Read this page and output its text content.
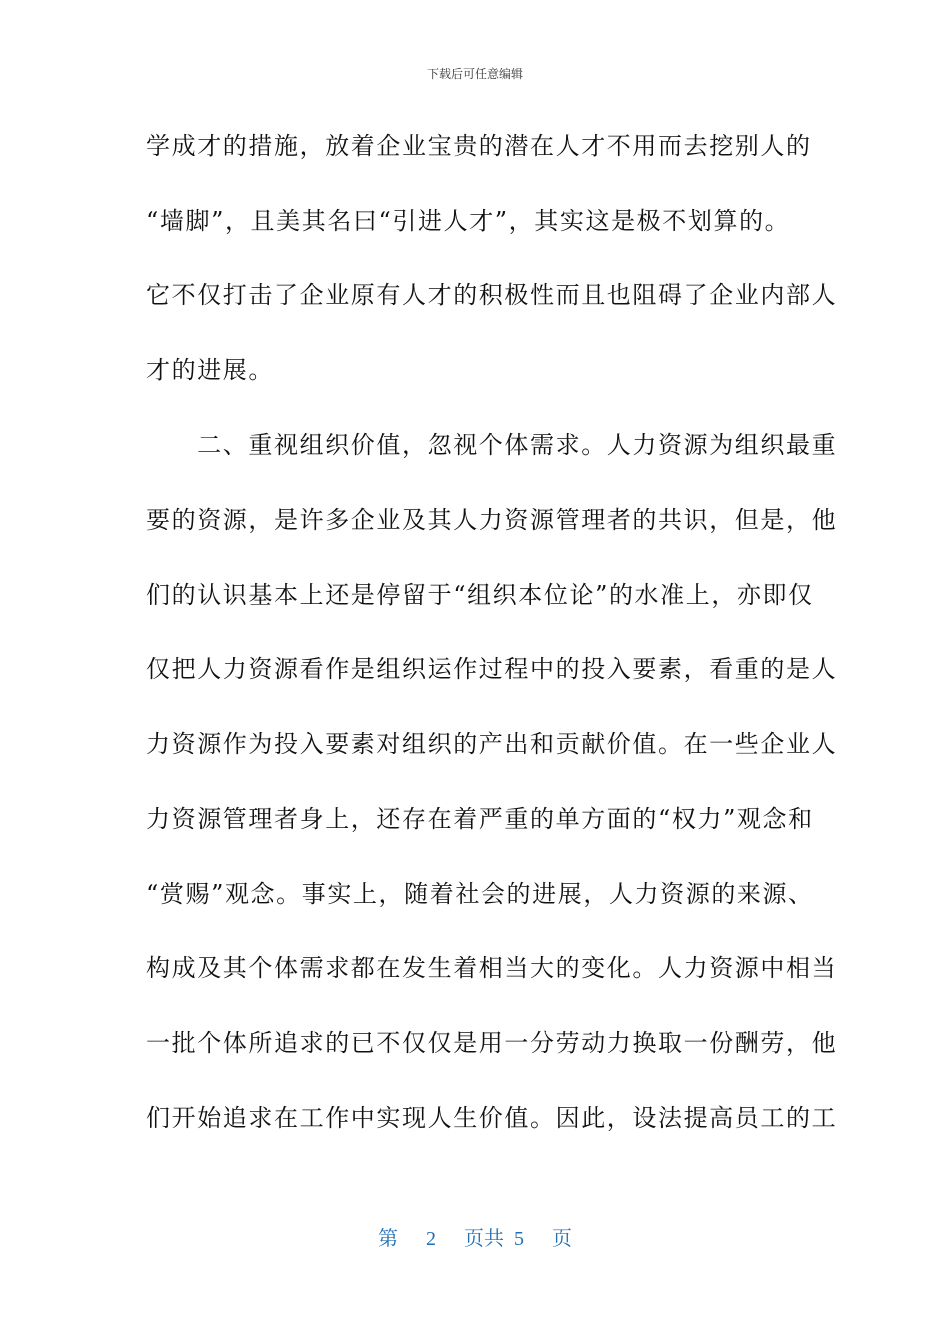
下载后可任意编辑
学成才的措施，放着企业宝贵的潜在人才不用而去挖别人的
“墙脚”，且美其名曰“引进人才”，其实这是极不划算的。
它不仅打击了企业原有人才的积极性而且也阻碍了企业内部人
才的进展。
　　二、重视组织价值，忽视个体需求。人力资源为组织最重
要的资源，是许多企业及其人力资源管理者的共识，但是，他
们的认识基本上还是停留于“组织本位论”的水准上，亦即仅
仅把人力资源看作是组织运作过程中的投入要素，看重的是人
力资源作为投入要素对组织的产出和贡献价值。在一些企业人
力资源管理者身上，还存在着严重的单方面的“权力”观念和
“赏赐”观念。事实上，随着社会的进展，人力资源的来源、
构成及其个体需求都在发生着相当大的变化。人力资源中相当
一批个体所追求的已不仅仅是用一分劳动力换取一份酬劳，他
们开始追求在工作中实现人生价值。因此，设法提高员工的工
第 2 页共 5 页
